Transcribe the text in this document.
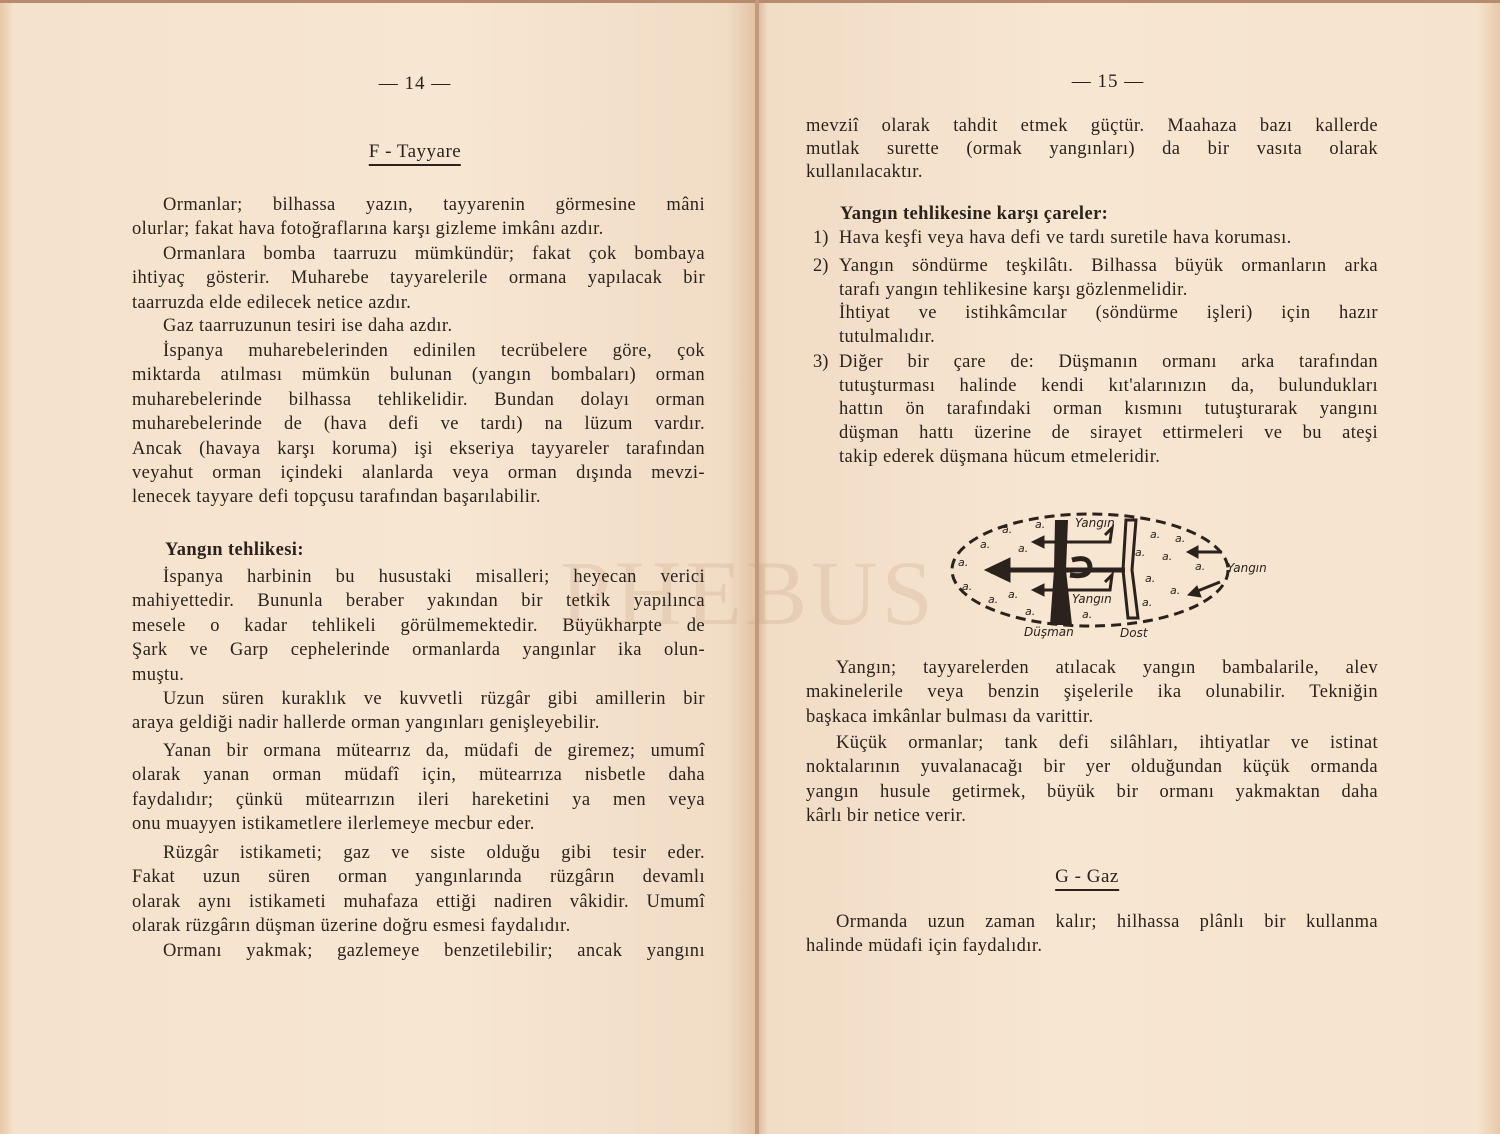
PHEBUS
— 14 —
F - Tayyare
— 15 —
Ormanlar; bilhassa yazın, tayyarenin görmesine mâni
olurlar; fakat hava fotoğraflarına karşı gizleme imkânı azdır.
Ormanlara bomba taarruzu mümkündür; fakat çok bombaya
ihtiyaç gösterir. Muharebe tayyarelerile ormana yapılacak bir
taarruzda elde edilecek netice azdır.
Gaz taarruzunun tesiri ise daha azdır.
İspanya muharebelerinden edinilen tecrübelere göre, çok
miktarda atılması mümkün bulunan (yangın bombaları) orman
muharebelerinde bilhassa tehlikelidir. Bundan dolayı orman
muharebelerinde de (hava defi ve tardı) na lüzum vardır.
Ancak (havaya karşı koruma) işi ekseriya tayyareler tarafından
veyahut orman içindeki alanlarda veya orman dışında mevzi-
lenecek tayyare defi topçusu tarafından başarılabilir.
Yangın tehlikesi:
İspanya harbinin bu husustaki misalleri; heyecan verici
mahiyettedir. Bununla beraber yakından bir tetkik yapılınca
mesele o kadar tehlikeli görülmemektedir. Büyükharpte de
Şark ve Garp cephelerinde ormanlarda yangınlar ika olun-
muştu.
Uzun süren kuraklık ve kuvvetli rüzgâr gibi amillerin bir
araya geldiği nadir hallerde orman yangınları genişleyebilir.
Yanan bir ormana mütearrız da, müdafi de giremez; umumî
olarak yanan orman müdafî için, mütearrıza nisbetle daha
faydalıdır; çünkü mütearrızın ileri hareketini ya men veya
onu muayyen istikametlere ilerlemeye mecbur eder.
Rüzgâr istikameti; gaz ve siste olduğu gibi tesir eder.
Fakat uzun süren orman yangınlarında rüzgârın devamlı
olarak aynı istikameti muhafaza ettiği nadiren vâkidir. Umumî
olarak rüzgârın düşman üzerine doğru esmesi faydalıdır.
Ormanı yakmak; gazlemeye benzetilebilir; ancak yangını
mevziî olarak tahdit etmek güçtür. Maahaza bazı kallerde
mutlak surette (ormak yangınları) da bir vasıta olarak
kullanılacaktır.
Yangın tehlikesine karşı çareler:
1) Hava keşfi veya hava defi ve tardı suretile hava koruması.
2) Yangın söndürme teşkilâtı. Bilhassa büyük ormanların arka
tarafı yangın tehlikesine karşı gözlenmelidir.
İhtiyat ve istihkâmcılar (söndürme işleri) için hazır
tutulmalıdır.
3) Diğer bir çare de: Düşmanın ormanı arka tarafından
tutuşturması halinde kendi kıt'alarınızın da, bulundukları
hattın ön tarafındaki orman kısmını tutuşturarak yangını
düşman hattı üzerine de sirayet ettirmeleri ve bu ateşi
takip ederek düşmana hücum etmeleridir.
Yangın; tayyarelerden atılacak yangın bambalarile, alev
makinelerile veya benzin şişelerile ika olunabilir. Tekniğin
başkaca imkânlar bulması da varittir.
Küçük ormanlar; tank defi silâhları, ihtiyatlar ve istinat
noktalarının yuvalanacağı bir yer olduğundan küçük ormanda
yangın husule getirmek, büyük bir ormanı yakmaktan daha
kârlı bir netice verir.
G - Gaz
Ormanda uzun zaman kalır; hilhassa plânlı bir kullanma
halinde müdafi için faydalıdır.
a.
a.
a.	a.
a.
a.
a.
a. a.
a.	a.
a. a.
a. a.
a.
a.
a.
a.
Yangın
Yangın
Yangın
Düşman	Dost
